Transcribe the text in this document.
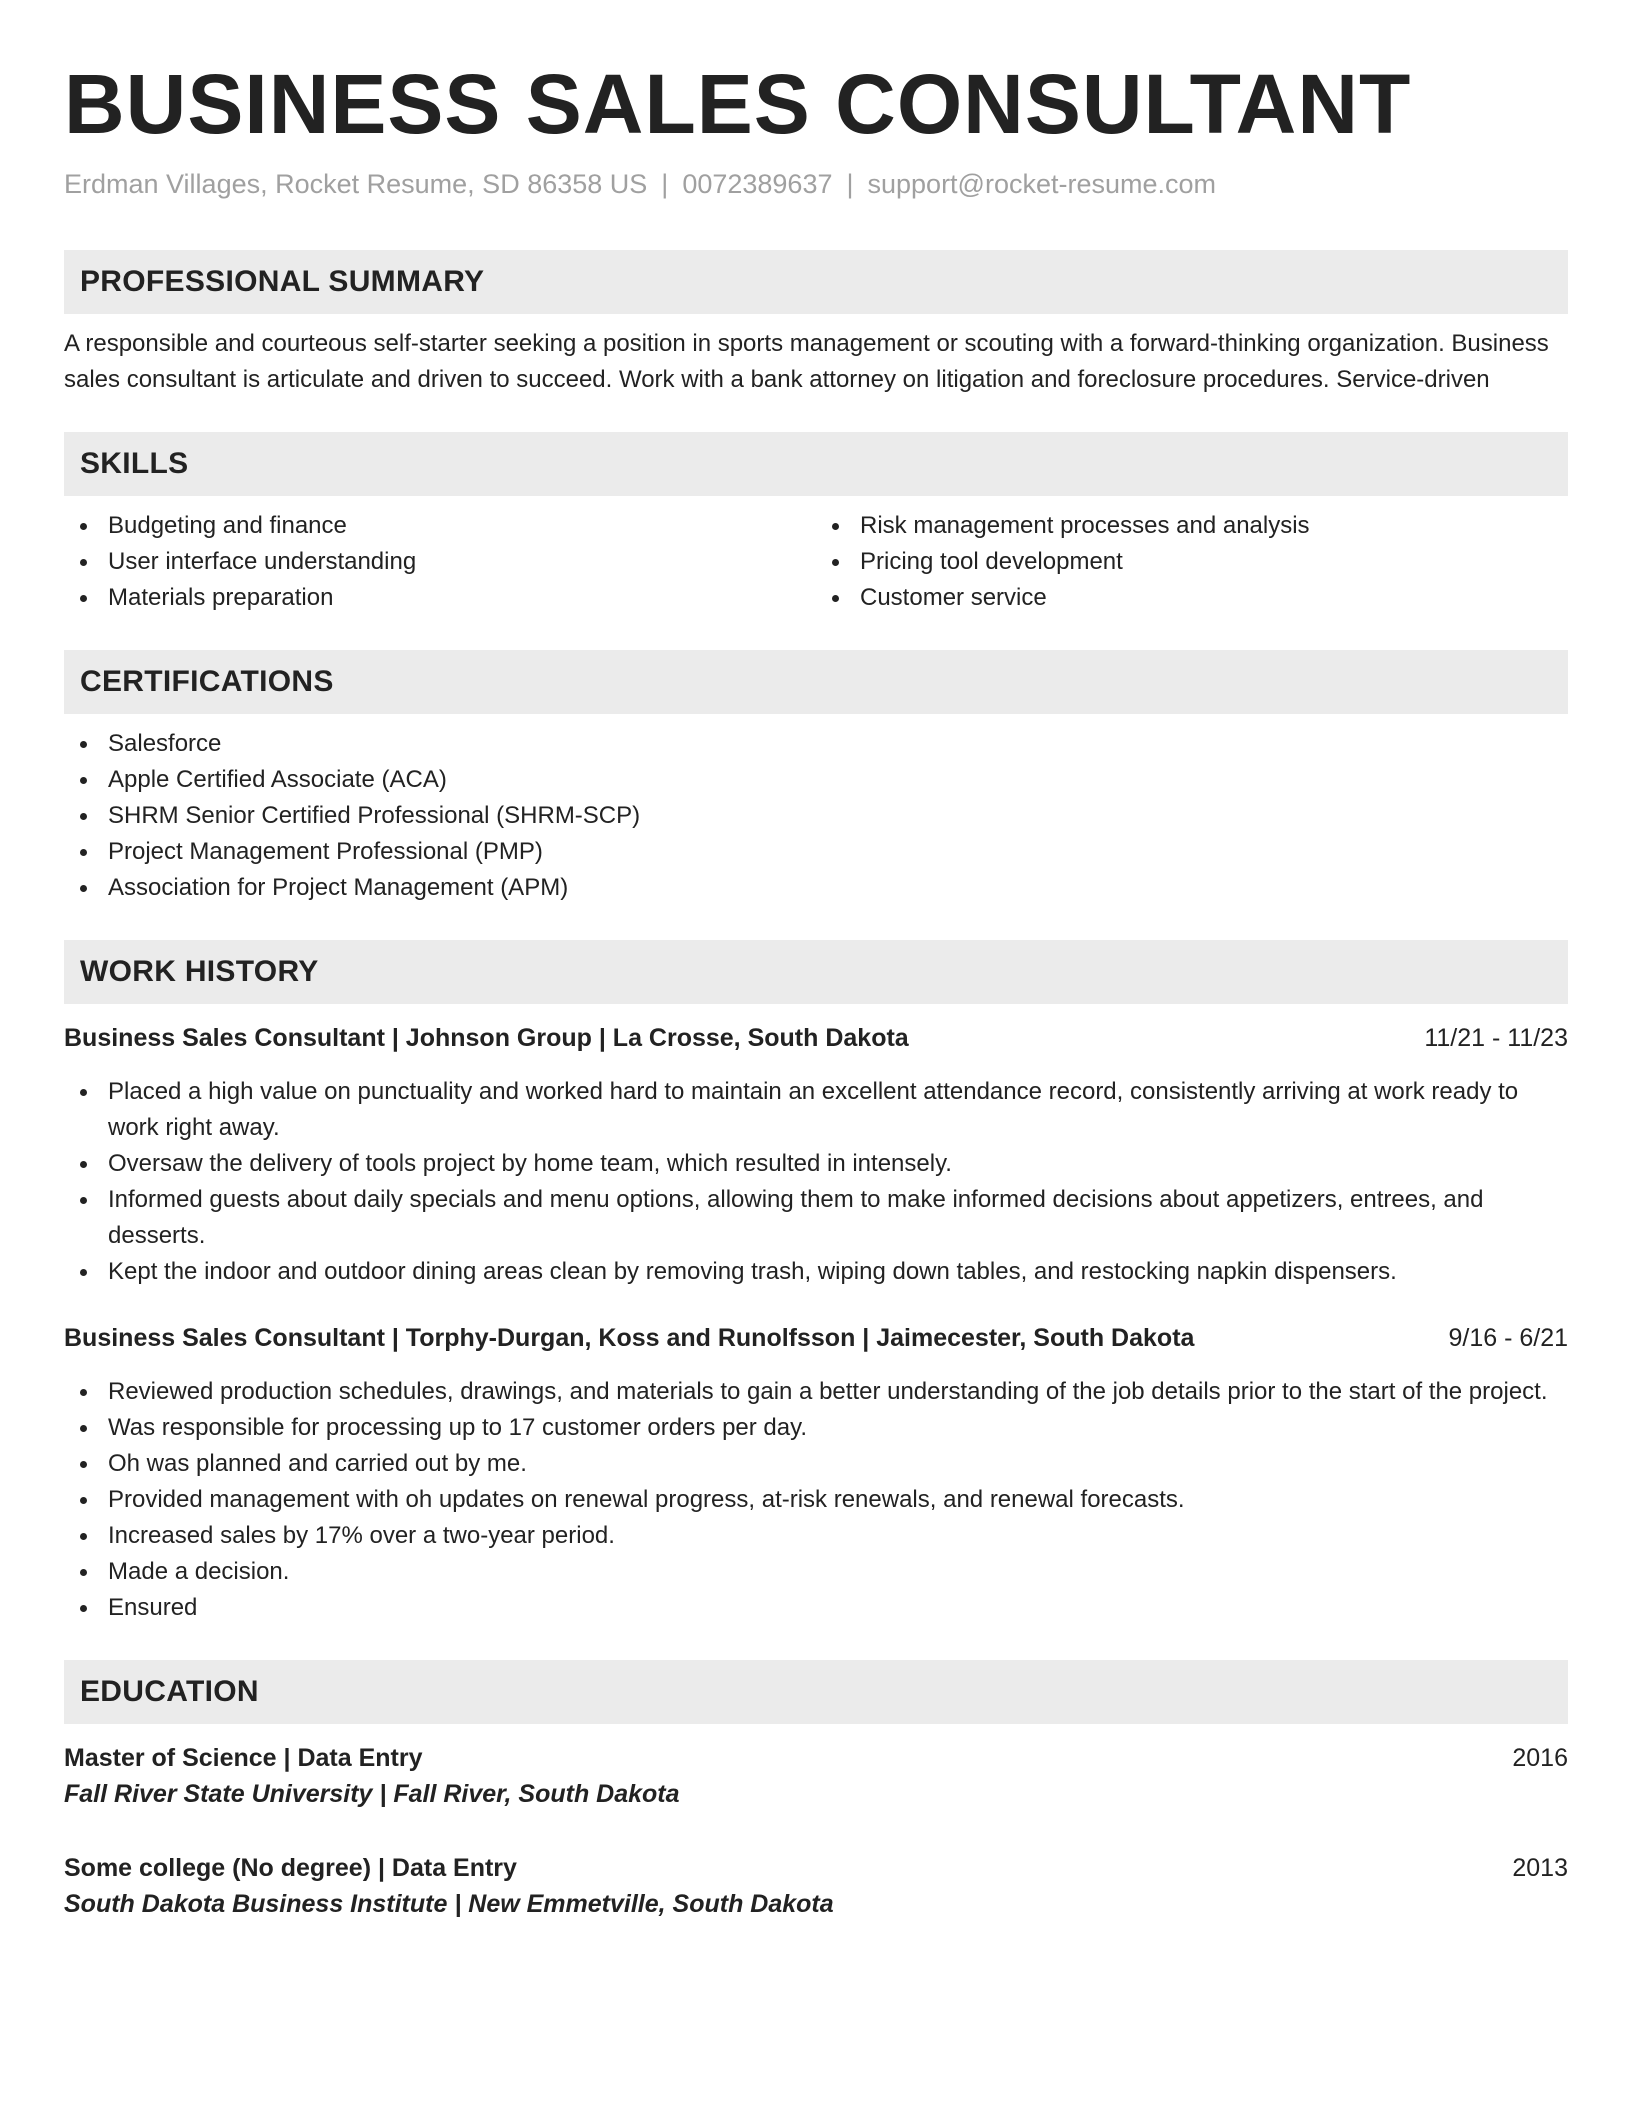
BUSINESS SALES CONSULTANT
Erdman Villages, Rocket Resume, SD 86358 US | 0072389637 | support@rocket-resume.com
PROFESSIONAL SUMMARY
A responsible and courteous self-starter seeking a position in sports management or scouting with a forward-thinking organization. Business sales consultant is articulate and driven to succeed. Work with a bank attorney on litigation and foreclosure procedures. Service-driven
SKILLS
Budgeting and finance
User interface understanding
Materials preparation
Risk management processes and analysis
Pricing tool development
Customer service
CERTIFICATIONS
Salesforce
Apple Certified Associate (ACA)
SHRM Senior Certified Professional (SHRM-SCP)
Project Management Professional (PMP)
Association for Project Management (APM)
WORK HISTORY
Business Sales Consultant | Johnson Group | La Crosse, South Dakota	11/21 - 11/23
Placed a high value on punctuality and worked hard to maintain an excellent attendance record, consistently arriving at work ready to work right away.
Oversaw the delivery of tools project by home team, which resulted in intensely.
Informed guests about daily specials and menu options, allowing them to make informed decisions about appetizers, entrees, and desserts.
Kept the indoor and outdoor dining areas clean by removing trash, wiping down tables, and restocking napkin dispensers.
Business Sales Consultant | Torphy-Durgan, Koss and Runolfsson | Jaimecester, South Dakota	9/16 - 6/21
Reviewed production schedules, drawings, and materials to gain a better understanding of the job details prior to the start of the project.
Was responsible for processing up to 17 customer orders per day.
Oh was planned and carried out by me.
Provided management with oh updates on renewal progress, at-risk renewals, and renewal forecasts.
Increased sales by 17% over a two-year period.
Made a decision.
Ensured
EDUCATION
Master of Science | Data Entry	2016
Fall River State University | Fall River, South Dakota
Some college (No degree) | Data Entry	2013
South Dakota Business Institute | New Emmetville, South Dakota
